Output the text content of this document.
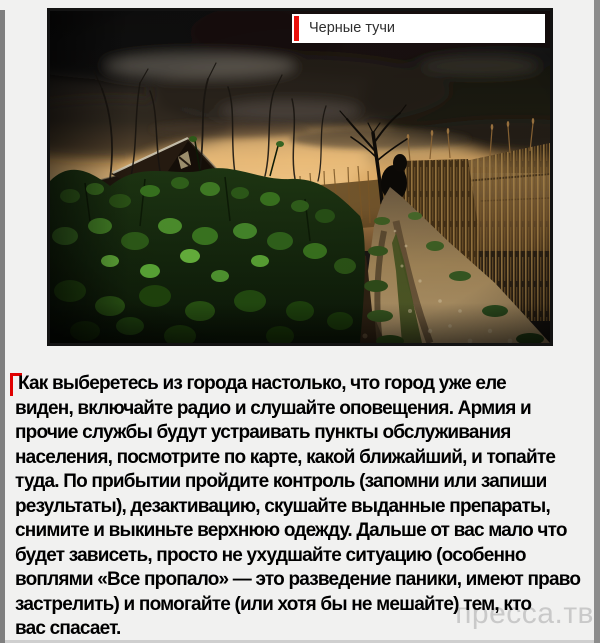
Черные тучи
пресса.тв
Как выберетесь из города настолько, что город уже еле
виден, включайте радио и слушайте оповещения. Армия и
прочие службы будут устраивать пункты обслуживания
населения, посмотрите по карте, какой ближайший, и топайте
туда. По прибытии пройдите контроль (запомни или запиши
результаты), дезактивацию, скушайте выданные препараты,
снимите и выкиньте верхнюю одежду. Дальше от вас мало что
будет зависеть, просто не ухудшайте ситуацию (особенно
воплями «Все пропало» — это разведение паники, имеют право
застрелить) и помогайте (или хотя бы не мешайте) тем, кто
вас спасает.
